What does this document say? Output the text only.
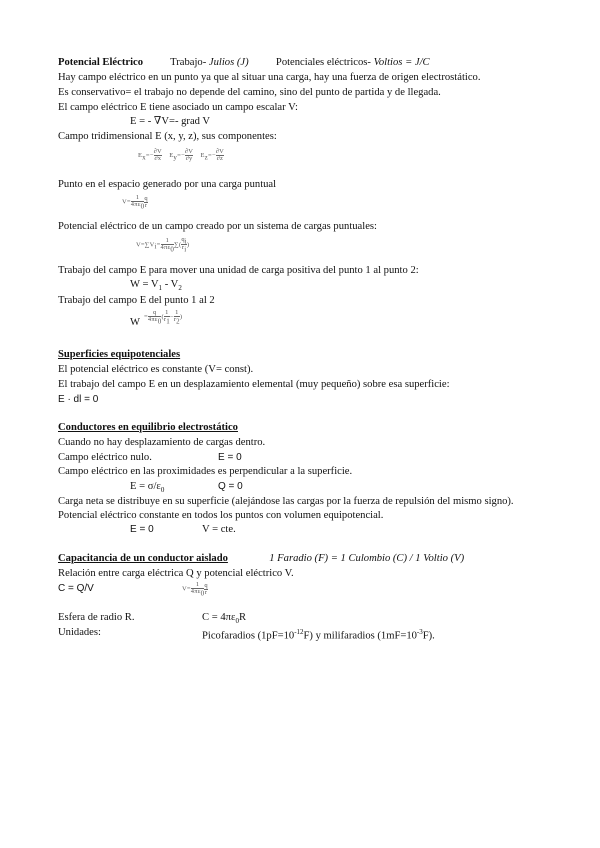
Potencial Eléctrico	Trabajo- Julios (J)	Potenciales eléctricos- Voltios = J/C
Hay campo eléctrico en un punto ya que al situar una carga, hay una fuerza de origen electrostático.
Es conservativo= el trabajo no depende del camino, sino del punto de partida y de llegada.
El campo eléctrico E tiene asociado un campo escalar V:
E = - ∇V=- grad V
Campo tridimensional E (x, y, z), sus componentes:
$E_x=- \frac{\partial V}{\partial x} E_y=- \frac{\partial V}{\partial y} E_z=- \frac{\partial V}{\partial z}$
Punto en el espacio generado por una carga puntual
$V= \frac{1}{4\pi\varepsilon_0} \frac{q}{r}$
Potencial eléctrico de un campo creado por un sistema de cargas puntuales:
$V=\sum V_i= \frac{1}{4\pi\varepsilon_0}$ ∑( $\frac{q_i}{r_i}$ )
Trabajo del campo E para mover una unidad de carga positiva del punto 1 al punto 2:
$W = V_1 - V_2$
Trabajo del campo E del punto 1 al 2
$W = \frac{q}{4\pi\varepsilon_0}$ ( $\frac{1}{r_1} - \frac{1}{r_2}$ )
Superficies equipotenciales
El potencial eléctrico es constante (V= const).
El trabajo del campo E en un desplazamiento elemental (muy pequeño) sobre esa superficie:
E · dl = 0
Conductores en equilibrio electrostático
Cuando no hay desplazamiento de cargas dentro.
Campo eléctrico nulo.	E = 0
Campo eléctrico en las proximidades es perpendicular a la superficie.
$E = \sigma/\varepsilon_0$	Q = 0
Carga neta se distribuye en su superficie (alejándose las cargas por la fuerza de repulsión del mismo signo).
Potencial eléctrico constante en todos los puntos con volumen equipotencial.
E = 0	V = cte.
Capacitancia de un conductor aislado	1 Faradio (F) = 1 Culombio (C) / 1 Voltio (V)
Relación entre carga eléctrica Q y potencial eléctrico V.
C = Q/V	$V= \frac{1}{4\pi\varepsilon_0} \frac{q}{r}$
Esfera de radio R.	$C = 4\pi\varepsilon_0R$
Unidades:	Picofaradios $(1pF=10^{-12}F)$ y milifaradios $(1mF=10^{-3}F)$.
